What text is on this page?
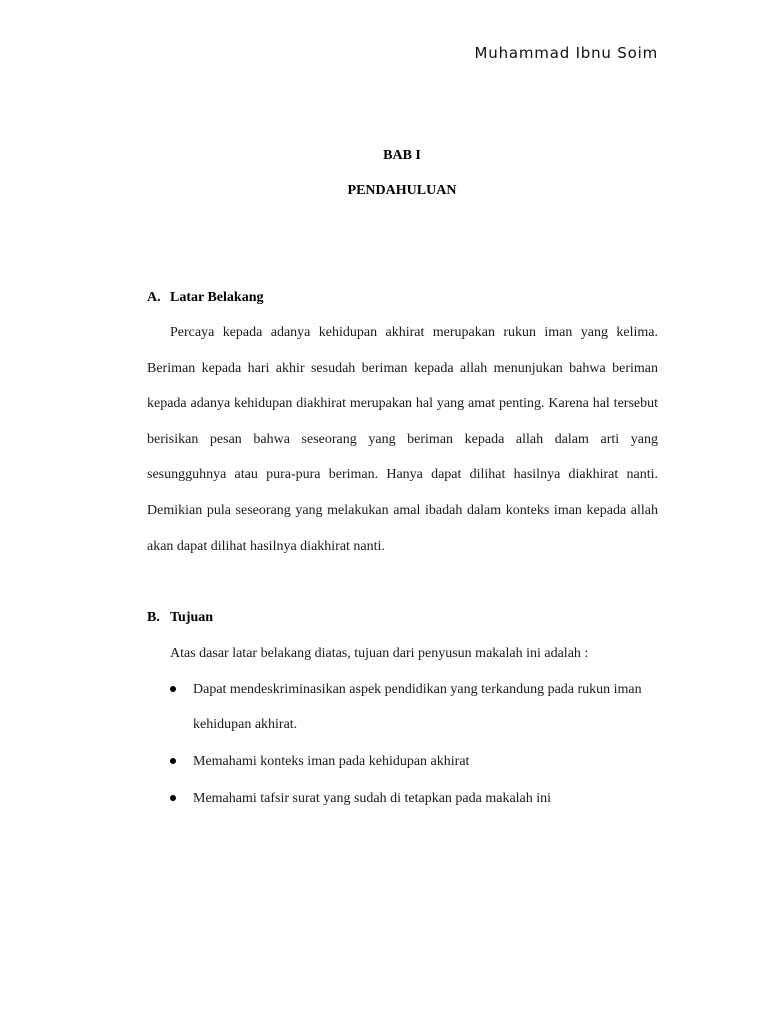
Muhammad Ibnu Soim
BAB I
PENDAHULUAN
A. Latar Belakang

Percaya kepada adanya kehidupan akhirat merupakan rukun iman yang kelima. Beriman kepada hari akhir sesudah beriman kepada allah menunjukan bahwa beriman kepada adanya kehidupan diakhirat merupakan hal yang amat penting. Karena hal tersebut berisikan pesan bahwa seseorang yang beriman kepada allah dalam arti yang sesungguhnya atau pura-pura beriman. Hanya dapat dilihat hasilnya diakhirat nanti. Demikian pula seseorang yang melakukan amal ibadah dalam konteks iman kepada allah akan dapat dilihat hasilnya diakhirat nanti.

B. Tujuan
Atas dasar latar belakang diatas, tujuan dari penyusun makalah ini adalah :
Dapat mendeskriminasikan aspek pendidikan yang terkandung pada rukun iman kehidupan akhirat.
Memahami konteks iman pada kehidupan akhirat
Memahami tafsir surat yang sudah di tetapkan pada makalah ini
